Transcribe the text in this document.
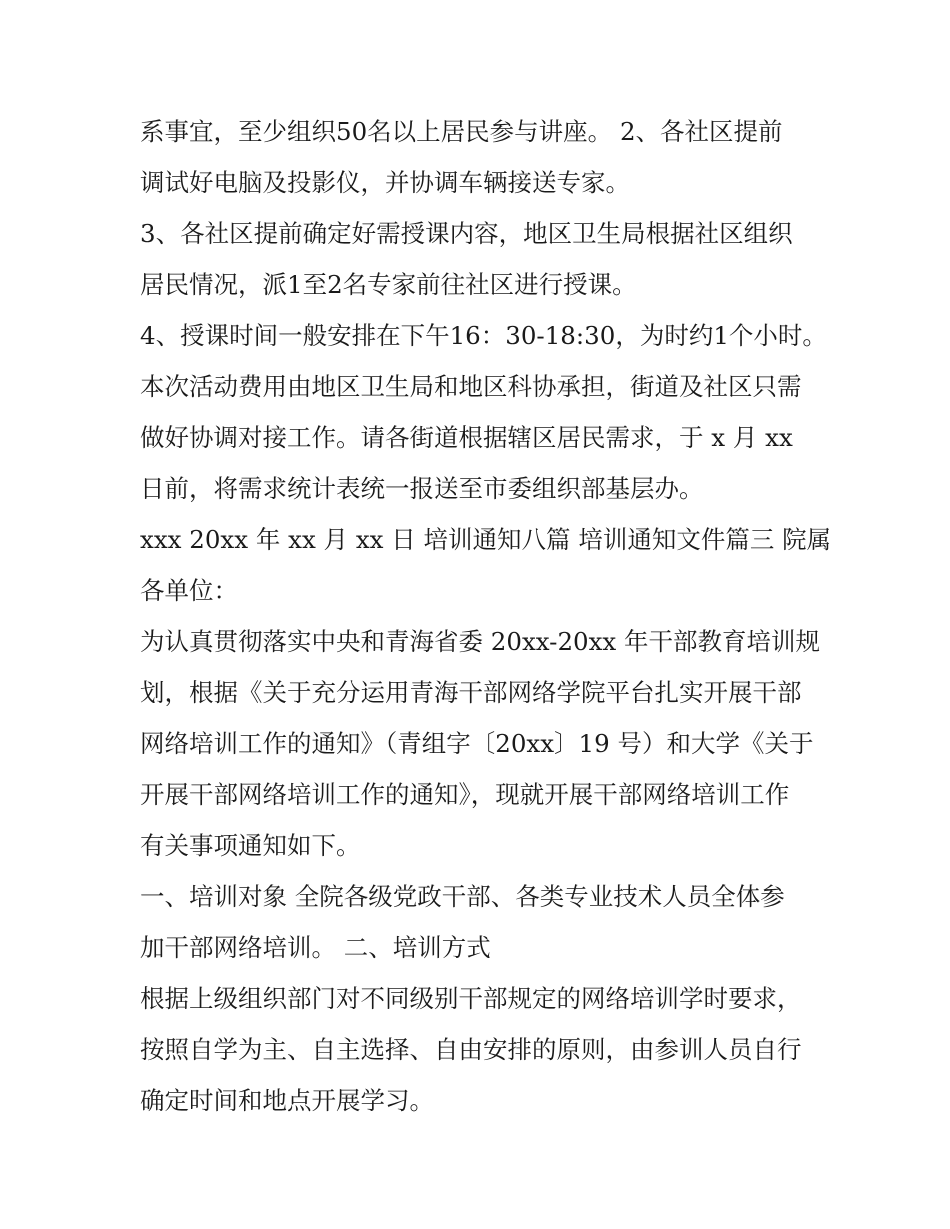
系事宜，至少组织50名以上居民参与讲座。 2、各社区提前
调试好电脑及投影仪，并协调车辆接送专家。
3、各社区提前确定好需授课内容，地区卫生局根据社区组织
居民情况，派1至2名专家前往社区进行授课。
4、授课时间一般安排在下午16：30-18:30，为时约1个小时。
本次活动费用由地区卫生局和地区科协承担，街道及社区只需
做好协调对接工作。请各街道根据辖区居民需求，于 x 月 xx
日前，将需求统计表统一报送至市委组织部基层办。
xxx 20xx 年 xx 月 xx 日 培训通知八篇 培训通知文件篇三 院属
各单位：
为认真贯彻落实中央和青海省委 20xx-20xx 年干部教育培训规
划，根据《关于充分运用青海干部网络学院平台扎实开展干部
网络培训工作的通知》（青组字〔20xx〕19 号）和大学《关于
开展干部网络培训工作的通知》，现就开展干部网络培训工作
有关事项通知如下。
一、培训对象 全院各级党政干部、各类专业技术人员全体参
加干部网络培训。 二、培训方式
根据上级组织部门对不同级别干部规定的网络培训学时要求，
按照自学为主、自主选择、自由安排的原则，由参训人员自行
确定时间和地点开展学习。
